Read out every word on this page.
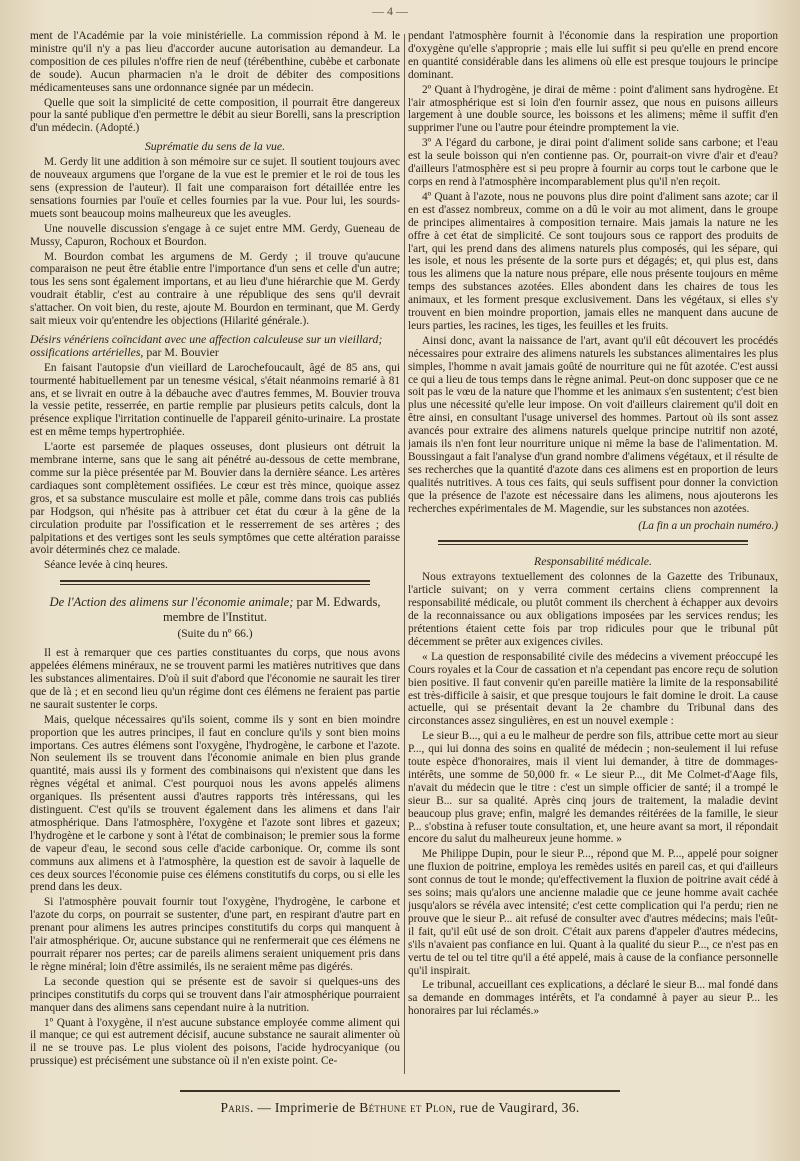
— 4 —

ment de l'Académie par la voie ministérielle. La commission répond à M. le ministre qu'il n'y a pas lieu d'accorder aucune autorisation au demandeur. La composition de ces pilules n'offre rien de neuf (térébenthine, cubèbe et carbonate de soude). Aucun pharmacien n'a le droit de débiter des compositions médicamenteuses sans une ordonnance signée par un médecin.

Quelle que soit la simplicité de cette composition, il pourrait être dangereux pour la santé publique d'en permettre le débit au sieur Borelli, sans la prescription d'un médecin. (Adopté.)

Suprématie du sens de la vue.

M. Gerdy lit une addition à son mémoire sur ce sujet. Il soutient toujours avec de nouveaux argumens que l'organe de la vue est le premier et le roi de tous les sens (expression de l'auteur). Il fait une comparaison fort détaillée entre les sensations fournies par l'ouïe et celles fournies par la vue. Pour lui, les sourds-muets sont beaucoup moins malheureux que les aveugles.

Une nouvelle discussion s'engage à ce sujet entre MM. Gerdy, Gueneau de Mussy, Capuron, Rochoux et Bourdon.

M. Bourdon combat les argumens de M. Gerdy ; il trouve qu'aucune comparaison ne peut être établie entre l'importance d'un sens et celle d'un autre; tous les sens sont également importans, et au lieu d'une hiérarchie que M. Gerdy voudrait établir, c'est au contraire à une république des sens qu'il devrait s'attacher. On voit bien, du reste, ajoute M. Bourdon en terminant, que M. Gerdy sait mieux voir qu'entendre les objections (Hilarité générale.).

Désirs vénériens coïncidant avec une affection calculeuse sur un vieillard; ossifications artérielles, par M. Bouvier

En faisant l'autopsie d'un vieillard de Larochefoucault, âgé de 85 ans, qui tourmenté habituellement par un tenesme vésical, s'était néanmoins remarié à 81 ans, et se livrait en outre à la débauche avec d'autres femmes, M. Bouvier trouva la vessie petite, resserrée, en partie remplie par plusieurs petits calculs, dont la présence explique l'irritation continuelle de l'appareil génito-urinaire. La prostate est en même temps hypertrophiée.

L'aorte est parsemée de plaques osseuses, dont plusieurs ont détruit la membrane interne, sans que le sang ait pénétré au-dessous de cette membrane, comme sur la pièce présentée par M. Bouvier dans la dernière séance. Les artères cardiaques sont complètement ossifiées. Le cœur est très mince, quoique assez gros, et sa substance musculaire est molle et pâle, comme dans trois cas publiés par Hodgson, qui n'hésite pas à attribuer cet état du cœur à la gêne de la circulation produite par l'ossification et le resserrement de ses artères ; des palpitations et des vertiges sont les seuls symptômes que cette altération paraisse avoir déterminés chez ce malade.

Séance levée à cinq heures.

De l'Action des alimens sur l'économie animale; par M. Edwards, membre de l'Institut.
(Suite du nº 66.)

Il est à remarquer que ces parties constituantes du corps, que nous avons appelées élémens minéraux, ne se trouvent parmi les matières nutritives que dans les substances alimentaires. D'où il suit d'abord que l'économie ne saurait les tirer que de là ; et en second lieu qu'un régime dont ces élémens ne feraient pas partie ne saurait sustenter le corps.

Mais, quelque nécessaires qu'ils soient, comme ils y sont en bien moindre proportion que les autres principes, il faut en conclure qu'ils y sont bien moins importans. Ces autres élémens sont l'oxygène, l'hydrogène, le carbone et l'azote. Non seulement ils se trouvent dans l'économie animale en bien plus grande quantité, mais aussi ils y forment des combinaisons qui n'existent que dans les règnes végétal et animal. C'est pourquoi nous les avons appelés alimens organiques. Ils présentent aussi d'autres rapports très intéressans, qui les distinguent. C'est qu'ils se trouvent également dans les alimens et dans l'air atmosphérique. Dans l'atmosphère, l'oxygène et l'azote sont libres et gazeux; l'hydrogène et le carbone y sont à l'état de combinaison; le premier sous la forme de vapeur d'eau, le second sous celle d'acide carbonique. Or, comme ils sont communs aux alimens et à l'atmosphère, la question est de savoir à laquelle de ces deux sources l'économie puise ces élémens constitutifs du corps, ou si elle les prend dans les deux.

Si l'atmosphère pouvait fournir tout l'oxygène, l'hydrogène, le carbone et l'azote du corps, on pourrait se sustenter, d'une part, en respirant d'autre part en prenant pour alimens les autres principes constitutifs du corps qui manquent à l'air atmosphérique. Or, aucune substance qui ne renfermerait que ces élémens ne pourrait réparer nos pertes; car de pareils alimens seraient uniquement pris dans le règne minéral; loin d'être assimilés, ils ne seraient même pas digérés.

La seconde question qui se présente est de savoir si quelques-uns des principes constitutifs du corps qui se trouvent dans l'air atmosphérique pourraient manquer dans des alimens sans cependant nuire à la nutrition.

1º Quant à l'oxygène, il n'est aucune substance employée comme aliment qui il manque; ce qui est autrement décisif, aucune substance ne saurait alimenter où il ne se trouve pas. Le plus violent des poisons, l'acide hydrocyanique (ou prussique) est précisément une substance où il n'en existe point. Ce-

pendant l'atmosphère fournit à l'économie dans la respiration une proportion d'oxygène qu'elle s'approprie ; mais elle lui suffit si peu qu'elle en prend encore en quantité considérable dans les alimens où elle est presque toujours le principe dominant.

2º Quant à l'hydrogène, je dirai de même : point d'aliment sans hydrogène. Et l'air atmosphérique est si loin d'en fournir assez, que nous en puisons ailleurs largement à une double source, les boissons et les alimens; même il suffit d'en supprimer l'une ou l'autre pour éteindre promptement la vie.

3º A l'égard du carbone, je dirai point d'aliment solide sans carbone; et l'eau est la seule boisson qui n'en contienne pas. Or, pourrait-on vivre d'air et d'eau? d'ailleurs l'atmosphère est si peu propre à fournir au corps tout le carbone que le corps en rend à l'atmosphère incomparablement plus qu'il n'en reçoit.

4º Quant à l'azote, nous ne pouvons plus dire point d'aliment sans azote; car il en est d'assez nombreux, comme on a dû le voir au mot aliment, dans le groupe de principes alimentaires à composition ternaire. Mais jamais la nature ne les offre à cet état de simplicité. Ce sont toujours sous ce rapport des produits de l'art, qui les prend dans des alimens naturels plus composés, qui les sépare, qui les isole, et nous les présente de la sorte purs et dégagés; et, qui plus est, dans tous les alimens que la nature nous prépare, elle nous présente toujours en même temps des substances azotées. Elles abondent dans les chaires de tous les animaux, et les forment presque exclusivement. Dans les végétaux, si elles s'y trouvent en bien moindre proportion, jamais elles ne manquent dans aucune de leurs parties, les racines, les tiges, les feuilles et les fruits.

Ainsi donc, avant la naissance de l'art, avant qu'il eût découvert les procédés nécessaires pour extraire des alimens naturels les substances alimentaires les plus simples, l'homme n avait jamais goûté de nourriture qui ne fût azotée. C'est aussi ce qui a lieu de tous temps dans le règne animal. Peut-on donc supposer que ce ne soit pas le vœu de la nature que l'homme et les animaux s'en sustentent; c'est bien plus une nécessité qu'elle leur impose. On voit d'ailleurs clairement qu'il doit en être ainsi, en consultant l'usage universel des hommes. Partout où ils sont assez avancés pour extraire des alimens naturels quelque principe nutritif non azoté, jamais ils n'en font leur nourriture unique ni même la base de l'alimentation. M. Boussingaut a fait l'analyse d'un grand nombre d'alimens végétaux, et il résulte de ses recherches que la quantité d'azote dans ces alimens est en proportion de leurs qualités nutritives. A tous ces faits, qui seuls suffisent pour donner la conviction que la présence de l'azote est nécessaire dans les alimens, nous ajouterons les recherches expérimentales de M. Magendie, sur les substances non azotées.

(La fin a un prochain numéro.)
Responsabilité médicale.

Nous extrayons textuellement des colonnes de la Gazette des Tribunaux, l'article suivant; on y verra comment certains cliens comprennent la responsabilité médicale, ou plutôt comment ils cherchent à échapper aux devoirs de la reconnaissance ou aux obligations imposées par les services rendus; les prétentions étaient cette fois par trop ridicules pour que le tribunal pût décemment se prêter aux exigences civiles.

« La question de responsabilité civile des médecins a vivement préoccupé les Cours royales et la Cour de cassation et n'a cependant pas encore reçu de solution bien positive. Il faut convenir qu'en pareille matière la limite de la responsabilité est très-difficile à saisir, et que presque toujours le fait domine le droit. La cause actuelle, qui se présentait devant la 2e chambre du Tribunal dans des circonstances assez singulières, en est un nouvel exemple :

Le sieur B..., qui a eu le malheur de perdre son fils, attribue cette mort au sieur P..., qui lui donna des soins en qualité de médecin ; non-seulement il lui refuse toute espèce d'honoraires, mais il vient lui demander, à titre de dommages-intérêts, une somme de 50,000 fr. « Le sieur P..., dit Me Colmet-d'Aage fils, n'avait du médecin que le titre : c'est un simple officier de santé; il a trompé le sieur B... sur sa qualité. Après cinq jours de traitement, la maladie devint beaucoup plus grave; enfin, malgré les demandes réitérées de la famille, le sieur P... s'obstina à refuser toute consultation, et, une heure avant sa mort, il répondait encore du salut du malheureux jeune homme. »

Me Philippe Dupin, pour le sieur P..., répond que M. P..., appelé pour soigner une fluxion de poitrine, employa les remèdes usités en pareil cas, et qui d'ailleurs sont connus de tout le monde; qu'effectivement la fluxion de poitrine avait cédé à ses soins; mais qu'alors une ancienne maladie que ce jeune homme avait cachée jusqu'alors se révéla avec intensité; c'est cette complication qui l'a perdu; rien ne prouve que le sieur P... ait refusé de consulter avec d'autres médecins; mais l'eût-il fait, qu'il eût usé de son droit. C'était aux parens d'appeler d'autres médecins, s'ils n'avaient pas confiance en lui. Quant à la qualité du sieur P..., ce n'est pas en vertu de tel ou tel titre qu'il a été appelé, mais à cause de la confiance personnelle qu'il inspirait.

Le tribunal, accueillant ces explications, a déclaré le sieur B... mal fondé dans sa demande en dommages intérêts, et l'a condamné à payer au sieur P... les honoraires par lui réclamés.»

Paris. — Imprimerie de Béthune et Plon, rue de Vaugirard, 36.
